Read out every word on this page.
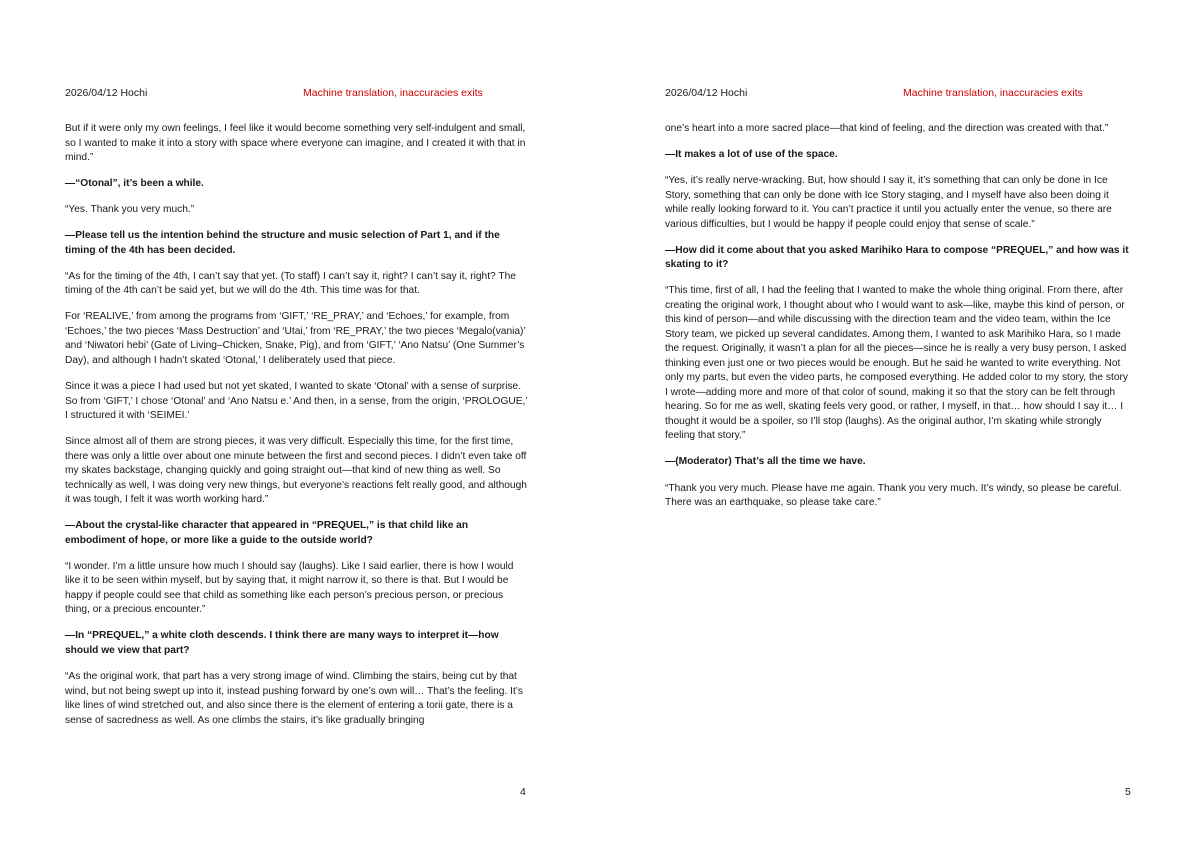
2026/04/12 Hochi	Machine translation, inaccuracies exits

But if it were only my own feelings, I feel like it would become something very self-indulgent and small, so I wanted to make it into a story with space where everyone can imagine, and I created it with that in mind.”

—“Otonal”, it’s been a while.

“Yes. Thank you very much.”

—Please tell us the intention behind the structure and music selection of Part 1, and if the timing of the 4th has been decided.

“As for the timing of the 4th, I can’t say that yet. (To staff) I can’t say it, right? I can’t say it, right? The timing of the 4th can’t be said yet, but we will do the 4th. This time was for that.

For ‘REALIVE,’ from among the programs from ‘GIFT,’ ‘RE_PRAY,’ and ‘Echoes,’ for example, from ‘Echoes,’ the two pieces ‘Mass Destruction’ and ‘Utai,’ from ‘RE_PRAY,’ the two pieces ‘Megalo(vania)’ and ‘Niwatori hebi’ (Gate of Living–Chicken, Snake, Pig), and from ‘GIFT,’ ‘Ano Natsu’ (One Summer’s Day), and although I hadn’t skated ‘Otonal,’ I deliberately used that piece.

Since it was a piece I had used but not yet skated, I wanted to skate ‘Otonal’ with a sense of surprise. So from ‘GIFT,’ I chose ‘Otonal’ and ‘Ano Natsu e.’ And then, in a sense, from the origin, ‘PROLOGUE,’ I structured it with ‘SEIMEI.’

Since almost all of them are strong pieces, it was very difficult. Especially this time, for the first time, there was only a little over about one minute between the first and second pieces. I didn’t even take off my skates backstage, changing quickly and going straight out—that kind of new thing as well. So technically as well, I was doing very new things, but everyone’s reactions felt really good, and although it was tough, I felt it was worth working hard.”

—About the crystal-like character that appeared in “PREQUEL,” is that child like an embodiment of hope, or more like a guide to the outside world?

“I wonder. I’m a little unsure how much I should say (laughs). Like I said earlier, there is how I would like it to be seen within myself, but by saying that, it might narrow it, so there is that. But I would be happy if people could see that child as something like each person’s precious person, or precious thing, or a precious encounter.”

—In “PREQUEL,” a white cloth descends. I think there are many ways to interpret it—how should we view that part?

“As the original work, that part has a very strong image of wind. Climbing the stairs, being cut by that wind, but not being swept up into it, instead pushing forward by one’s own will… That’s the feeling. It’s like lines of wind stretched out, and also since there is the element of entering a torii gate, there is a sense of sacredness as well. As one climbs the stairs, it’s like gradually bringing

4
2026/04/12 Hochi	Machine translation, inaccuracies exits

one’s heart into a more sacred place—that kind of feeling, and the direction was created with that.”

—It makes a lot of use of the space.

“Yes, it’s really nerve-wracking. But, how should I say it, it’s something that can only be done in Ice Story, something that can only be done with Ice Story staging, and I myself have also been doing it while really looking forward to it. You can’t practice it until you actually enter the venue, so there are various difficulties, but I would be happy if people could enjoy that sense of scale.”

—How did it come about that you asked Marihiko Hara to compose “PREQUEL,” and how was it skating to it?

“This time, first of all, I had the feeling that I wanted to make the whole thing original. From there, after creating the original work, I thought about who I would want to ask—like, maybe this kind of person, or this kind of person—and while discussing with the direction team and the video team, within the Ice Story team, we picked up several candidates. Among them, I wanted to ask Marihiko Hara, so I made the request. Originally, it wasn’t a plan for all the pieces—since he is really a very busy person, I asked thinking even just one or two pieces would be enough. But he said he wanted to write everything. Not only my parts, but even the video parts, he composed everything. He added color to my story, the story I wrote—adding more and more of that color of sound, making it so that the story can be felt through hearing. So for me as well, skating feels very good, or rather, I myself, in that… how should I say it… I thought it would be a spoiler, so I’ll stop (laughs). As the original author, I’m skating while strongly feeling that story.”

—(Moderator) That’s all the time we have.

“Thank you very much. Please have me again. Thank you very much. It’s windy, so please be careful. There was an earthquake, so please take care.”

5
